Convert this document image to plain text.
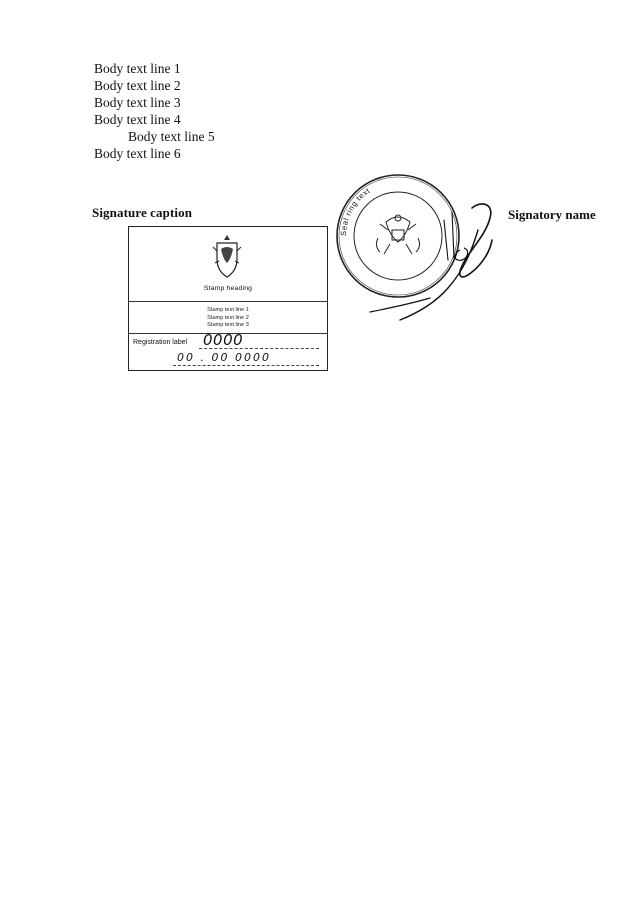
Body text line 1

Body text line 2

Body text line 3

Body text line 4

Body text line 5

Body text line 6

Seal ring text
Signature caption	Signatory name
Stamp heading
Stamp text line 1
Stamp text line 2
Stamp text line 3
Registration label 0000
00 . 00 0000
